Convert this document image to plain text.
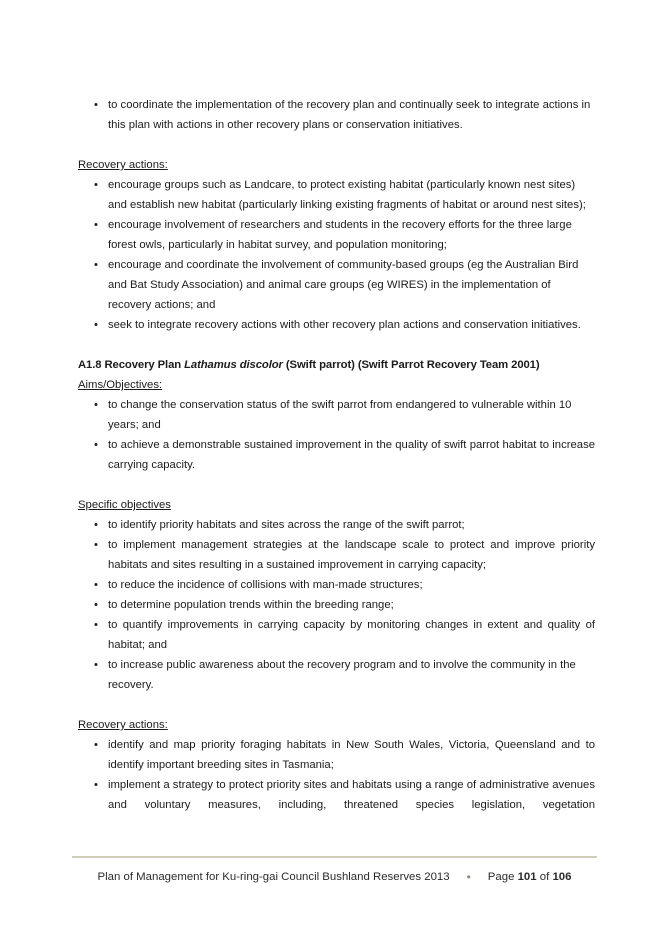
• to coordinate the implementation of the recovery plan and continually seek to integrate actions in this plan with actions in other recovery plans or conservation initiatives.
Recovery actions:
• encourage groups such as Landcare, to protect existing habitat (particularly known nest sites) and establish new habitat (particularly linking existing fragments of habitat or around nest sites);
• encourage involvement of researchers and students in the recovery efforts for the three large forest owls, particularly in habitat survey, and population monitoring;
• encourage and coordinate the involvement of community-based groups (eg the Australian Bird and Bat Study Association) and animal care groups (eg WIRES) in the implementation of recovery actions; and
• seek to integrate recovery actions with other recovery plan actions and conservation initiatives.
A1.8 Recovery Plan Lathamus discolor (Swift parrot) (Swift Parrot Recovery Team 2001)
Aims/Objectives:
• to change the conservation status of the swift parrot from endangered to vulnerable within 10 years; and
• to achieve a demonstrable sustained improvement in the quality of swift parrot habitat to increase carrying capacity.
Specific objectives
• to identify priority habitats and sites across the range of the swift parrot;
• to implement management strategies at the landscape scale to protect and improve priority habitats and sites resulting in a sustained improvement in carrying capacity;
• to reduce the incidence of collisions with man-made structures;
• to determine population trends within the breeding range;
• to quantify improvements in carrying capacity by monitoring changes in extent and quality of habitat; and
• to increase public awareness about the recovery program and to involve the community in the recovery.
Recovery actions:
• identify and map priority foraging habitats in New South Wales, Victoria, Queensland and to identify important breeding sites in Tasmania;
• implement a strategy to protect priority sites and habitats using a range of administrative avenues and voluntary measures, including, threatened species legislation, vegetation
Plan of Management for Ku-ring-gai Council Bushland Reserves 2013 • Page 101 of 106
